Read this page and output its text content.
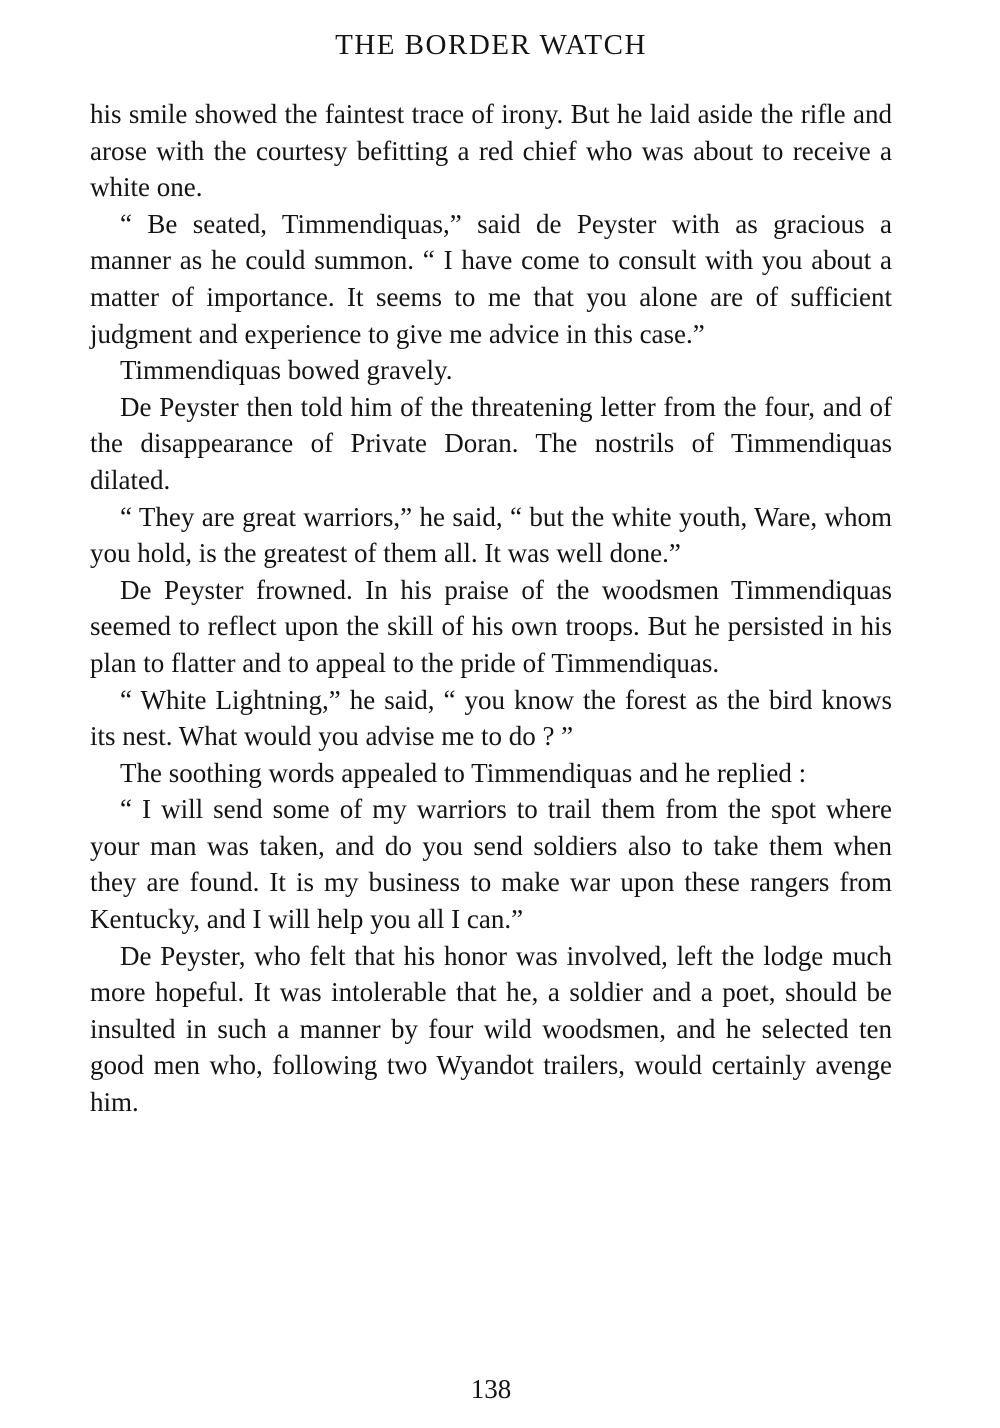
THE BORDER WATCH

his smile showed the faintest trace of irony. But he laid aside the rifle and arose with the courtesy befitting a red chief who was about to receive a white one.

“ Be seated, Timmendiquas,” said de Peyster with as gracious a manner as he could summon. “ I have come to consult with you about a matter of importance. It seems to me that you alone are of sufficient judgment and experience to give me advice in this case.”

Timmendiquas bowed gravely.

De Peyster then told him of the threatening letter from the four, and of the disappearance of Private Doran. The nostrils of Timmendiquas dilated.

“ They are great warriors,” he said, “ but the white youth, Ware, whom you hold, is the greatest of them all. It was well done.”

De Peyster frowned. In his praise of the woodsmen Timmendiquas seemed to reflect upon the skill of his own troops. But he persisted in his plan to flatter and to appeal to the pride of Timmendiquas.

“ White Lightning,” he said, “ you know the forest as the bird knows its nest. What would you advise me to do ? ”

The soothing words appealed to Timmendiquas and he replied :

“ I will send some of my warriors to trail them from the spot where your man was taken, and do you send soldiers also to take them when they are found. It is my business to make war upon these rangers from Kentucky, and I will help you all I can.”

De Peyster, who felt that his honor was involved, left the lodge much more hopeful. It was intolerable that he, a soldier and a poet, should be insulted in such a manner by four wild woodsmen, and he selected ten good men who, following two Wyandot trailers, would certainly avenge him.

138
